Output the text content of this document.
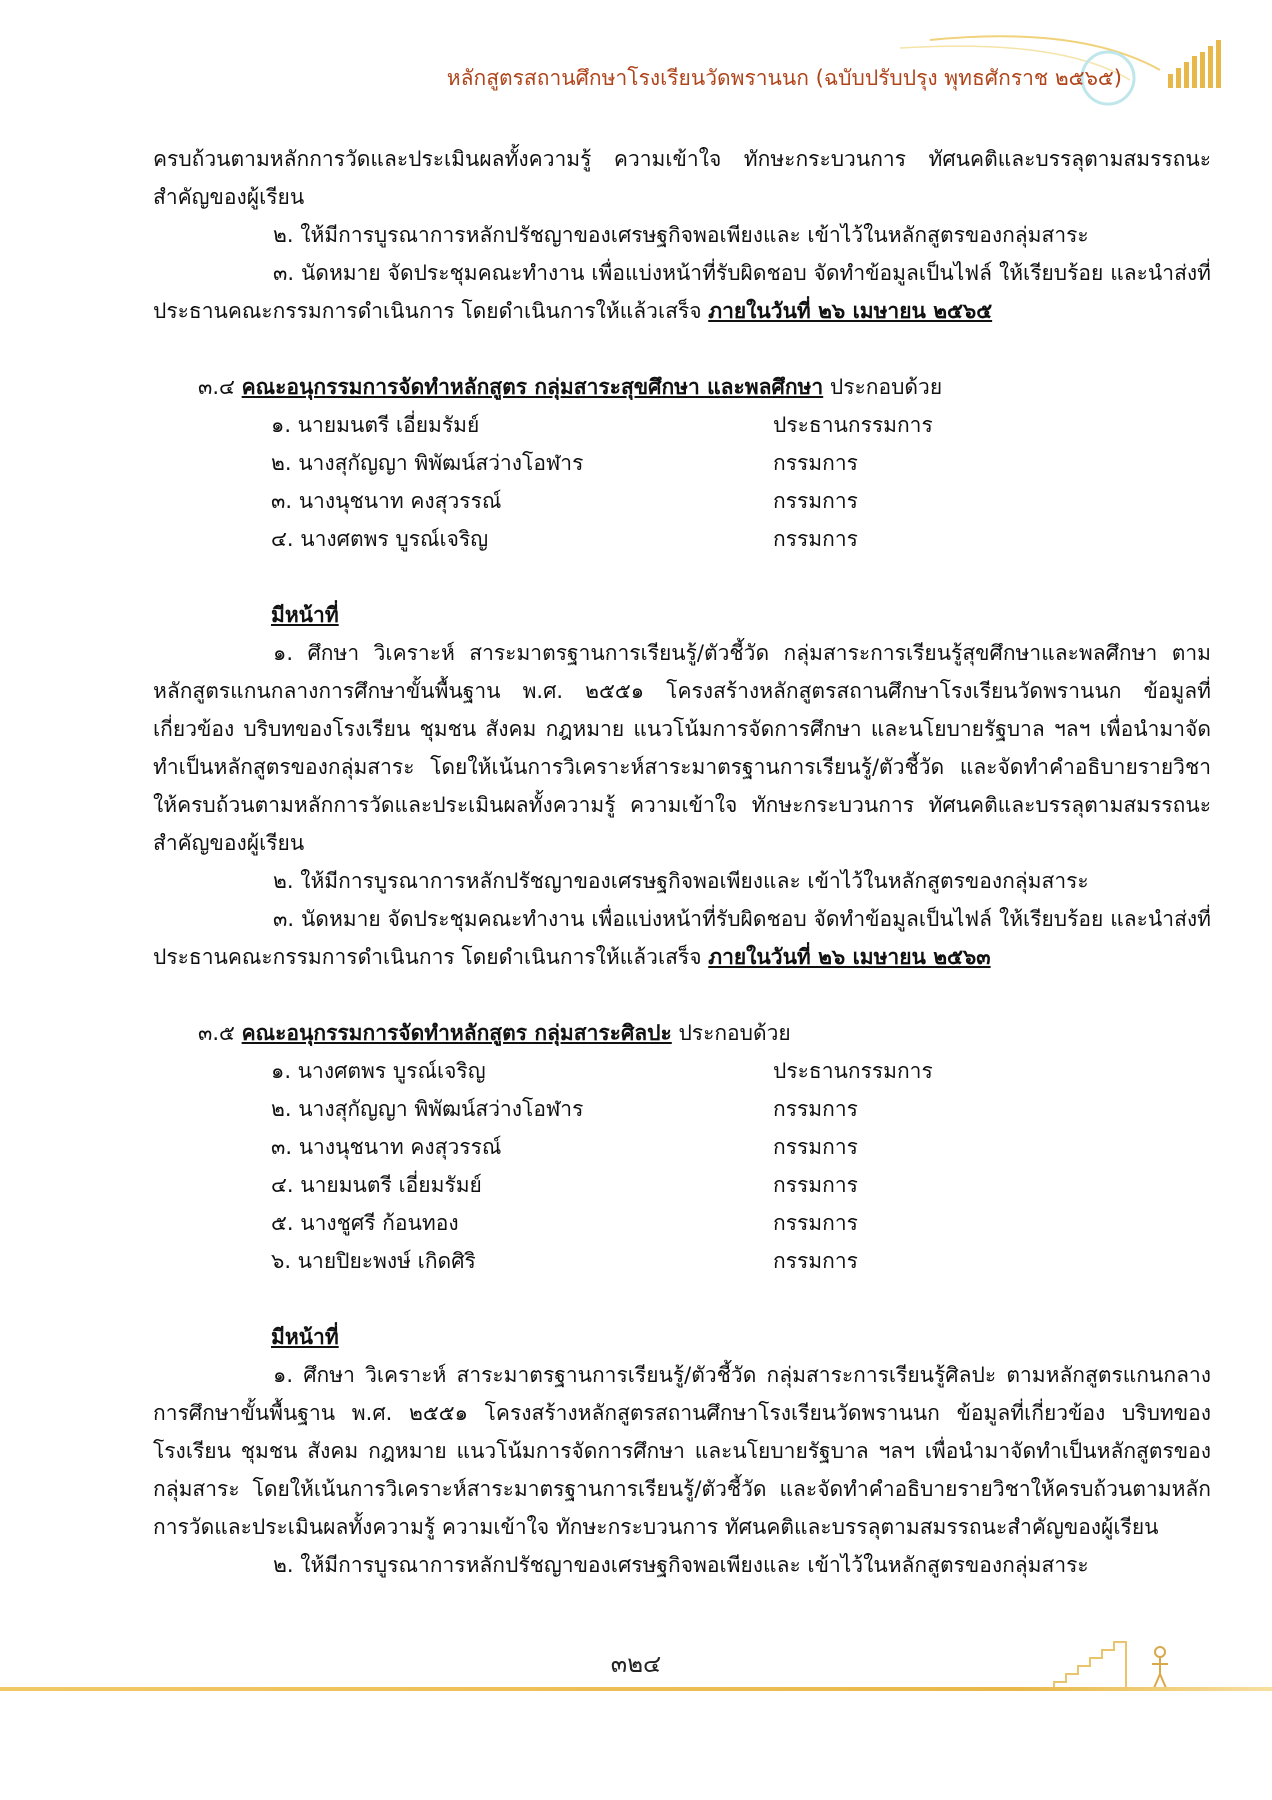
หลักสูตรสถานศึกษาโรงเรียนวัดพรานนก (ฉบับปรับปรุง พุทธศักราช ๒๕๖๕)

ครบถ้วนตามหลักการวัดและประเมินผลทั้งความรู้ ความเข้าใจ ทักษะกระบวนการ ทัศนคติและบรรลุตามสมรรถนะสำคัญของผู้เรียน

๒. ให้มีการบูรณาการหลักปรัชญาของเศรษฐกิจพอเพียงและ เข้าไว้ในหลักสูตรของกลุ่มสาระ

๓. นัดหมาย จัดประชุมคณะทำงาน เพื่อแบ่งหน้าที่รับผิดชอบ จัดทำข้อมูลเป็นไฟล์ ให้เรียบร้อย และนำส่งที่ประธานคณะกรรมการดำเนินการ โดยดำเนินการให้แล้วเสร็จ ภายในวันที่ ๒๖ เมษายน ๒๕๖๕

๓.๔ คณะอนุกรรมการจัดทำหลักสูตร กลุ่มสาระสุขศึกษา และพลศึกษา ประกอบด้วย

๑. นายมนตรี เอี่ยมรัมย์	ประธานกรรมการ
๒. นางสุกัญญา พิพัฒน์สว่างโอฬาร	กรรมการ
๓. นางนุชนาท คงสุวรรณ์	กรรมการ
๔. นางศตพร บูรณ์เจริญ	กรรมการ

มีหน้าที่

๑. ศึกษา วิเคราะห์ สาระมาตรฐานการเรียนรู้/ตัวชี้วัด กลุ่มสาระการเรียนรู้สุขศึกษาและพลศึกษา ตามหลักสูตรแกนกลางการศึกษาขั้นพื้นฐาน พ.ศ. ๒๕๕๑ โครงสร้างหลักสูตรสถานศึกษาโรงเรียนวัดพรานนก ข้อมูลที่เกี่ยวข้อง บริบทของโรงเรียน ชุมชน สังคม กฎหมาย แนวโน้มการจัดการศึกษา และนโยบายรัฐบาล ฯลฯ เพื่อนำมาจัดทำเป็นหลักสูตรของกลุ่มสาระ โดยให้เน้นการวิเคราะห์สาระมาตรฐานการเรียนรู้/ตัวชี้วัด และจัดทำคำอธิบายรายวิชาให้ครบถ้วนตามหลักการวัดและประเมินผลทั้งความรู้ ความเข้าใจ ทักษะกระบวนการ ทัศนคติและบรรลุตามสมรรถนะสำคัญของผู้เรียน

๒. ให้มีการบูรณาการหลักปรัชญาของเศรษฐกิจพอเพียงและ เข้าไว้ในหลักสูตรของกลุ่มสาระ

๓. นัดหมาย จัดประชุมคณะทำงาน เพื่อแบ่งหน้าที่รับผิดชอบ จัดทำข้อมูลเป็นไฟล์ ให้เรียบร้อย และนำส่งที่ประธานคณะกรรมการดำเนินการ โดยดำเนินการให้แล้วเสร็จ ภายในวันที่ ๒๖ เมษายน ๒๕๖๓

๓.๕ คณะอนุกรรมการจัดทำหลักสูตร กลุ่มสาระศิลปะ ประกอบด้วย

๑. นางศตพร บูรณ์เจริญ	ประธานกรรมการ
๒. นางสุกัญญา พิพัฒน์สว่างโอฬาร	กรรมการ
๓. นางนุชนาท คงสุวรรณ์	กรรมการ
๔. นายมนตรี เอี่ยมรัมย์	กรรมการ
๕. นางชูศรี ก้อนทอง	กรรมการ
๖. นายปิยะพงษ์ เกิดศิริ	กรรมการ

มีหน้าที่

๑. ศึกษา วิเคราะห์ สาระมาตรฐานการเรียนรู้/ตัวชี้วัด กลุ่มสาระการเรียนรู้ศิลปะ ตามหลักสูตรแกนกลางการศึกษาขั้นพื้นฐาน พ.ศ. ๒๕๕๑ โครงสร้างหลักสูตรสถานศึกษาโรงเรียนวัดพรานนก ข้อมูลที่เกี่ยวข้อง บริบทของโรงเรียน ชุมชน สังคม กฎหมาย แนวโน้มการจัดการศึกษา และนโยบายรัฐบาล ฯลฯ เพื่อนำมาจัดทำเป็นหลักสูตรของกลุ่มสาระ โดยให้เน้นการวิเคราะห์สาระมาตรฐานการเรียนรู้/ตัวชี้วัด และจัดทำคำอธิบายรายวิชาให้ครบถ้วนตามหลักการวัดและประเมินผลทั้งความรู้ ความเข้าใจ ทักษะกระบวนการ ทัศนคติและบรรลุตามสมรรถนะสำคัญของผู้เรียน

๒. ให้มีการบูรณาการหลักปรัชญาของเศรษฐกิจพอเพียงและ เข้าไว้ในหลักสูตรของกลุ่มสาระ

๓๒๔
